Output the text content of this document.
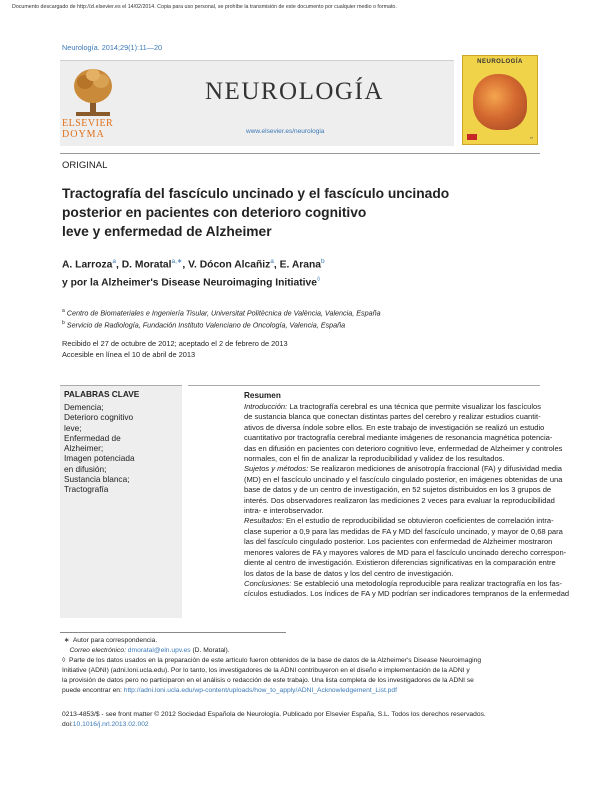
Documento descargado de http://zl.elsevier.es el 14/02/2014. Copia para uso personal, se prohíbe la transmisión de este documento por cualquier medio o formato.
Neurología. 2014;29(1):11—20
ELSEVIER
DOYMA
NEUROLOGÍA
www.elsevier.es/neurologia
NEUROLOGÍA
▪▪
ORIGINAL
Tractografía del fascículo uncinado y el fascículo uncinado
posterior en pacientes con deterioro cognitivo
leve y enfermedad de Alzheimer
A. Larroza$^a$, D. Moratal$^{a,∗}$, V. Dócon Alcañiz$^a$, E. Arana$^b$
y por la Alzheimer's Disease Neuroimaging Initiative◊
$^a$ Centro de Biomateriales e Ingeniería Tisular, Universitat Politècnica de València, Valencia, España
$^b$ Servicio de Radiología, Fundación Instituto Valenciano de Oncología, Valencia, España
Recibido el 27 de octubre de 2012; aceptado el 2 de febrero de 2013
Accesible en línea el 10 de abril de 2013
PALABRAS CLAVE
Demencia;
Deterioro cognitivo
leve;
Enfermedad de
Alzheimer;
Imagen potenciada
en difusión;
Sustancia blanca;
Tractografía
Resumen
Introducción: La tractografía cerebral es una técnica que permite visualizar los fascículos
de sustancia blanca que conectan distintas partes del cerebro y realizar estudios cuantit-
ativos de diversa índole sobre ellos. En este trabajo de investigación se realizó un estudio
cuantitativo por tractografía cerebral mediante imágenes de resonancia magnética potencia-
das en difusión en pacientes con deterioro cognitivo leve, enfermedad de Alzheimer y controles
normales, con el fin de analizar la reproducibilidad y validez de los resultados.
Sujetos y métodos: Se realizaron mediciones de anisotropía fraccional (FA) y difusividad media
(MD) en el fascículo uncinado y el fascículo cingulado posterior, en imágenes obtenidas de una
base de datos y de un centro de investigación, en 52 sujetos distribuidos en los 3 grupos de
interés. Dos observadores realizaron las mediciones 2 veces para evaluar la reproducibilidad
intra- e interobservador.
Resultados: En el estudio de reproducibilidad se obtuvieron coeficientes de correlación intra-
clase superior a 0,9 para las medidas de FA y MD del fascículo uncinado, y mayor de 0,68 para
las del fascículo cingulado posterior. Los pacientes con enfermedad de Alzheimer mostraron
menores valores de FA y mayores valores de MD para el fascículo uncinado derecho correspon-
diente al centro de investigación. Existieron diferencias significativas en la comparación entre
los datos de la base de datos y los del centro de investigación.
Conclusiones: Se estableció una metodología reproducible para realizar tractografía en los fas-
cículos estudiados. Los índices de FA y MD podrían ser indicadores tempranos de la enfermedad
∗ Autor para correspondencia.
Correo electrónico: dmoratal@eln.upv.es (D. Moratal).
◊ Parte de los datos usados en la preparación de este artículo fueron obtenidos de la base de datos de la Alzheimer's Disease Neuroimaging
Initiative (ADNI) (adni.loni.ucla.edu). Por lo tanto, los investigadores de la ADNI contribuyeron en el diseño e implementación de la ADNI y
la provisión de datos pero no participaron en el análisis o redacción de este trabajo. Una lista completa de los investigadores de la ADNI se
puede encontrar en: http://adni.loni.ucla.edu/wp-content/uploads/how_to_apply/ADNI_Acknowledgement_List.pdf
0213-4853/$ - see front matter © 2012 Sociedad Española de Neurología. Publicado por Elsevier España, S.L. Todos los derechos reservados.
doi:10.1016/j.nrl.2013.02.002
